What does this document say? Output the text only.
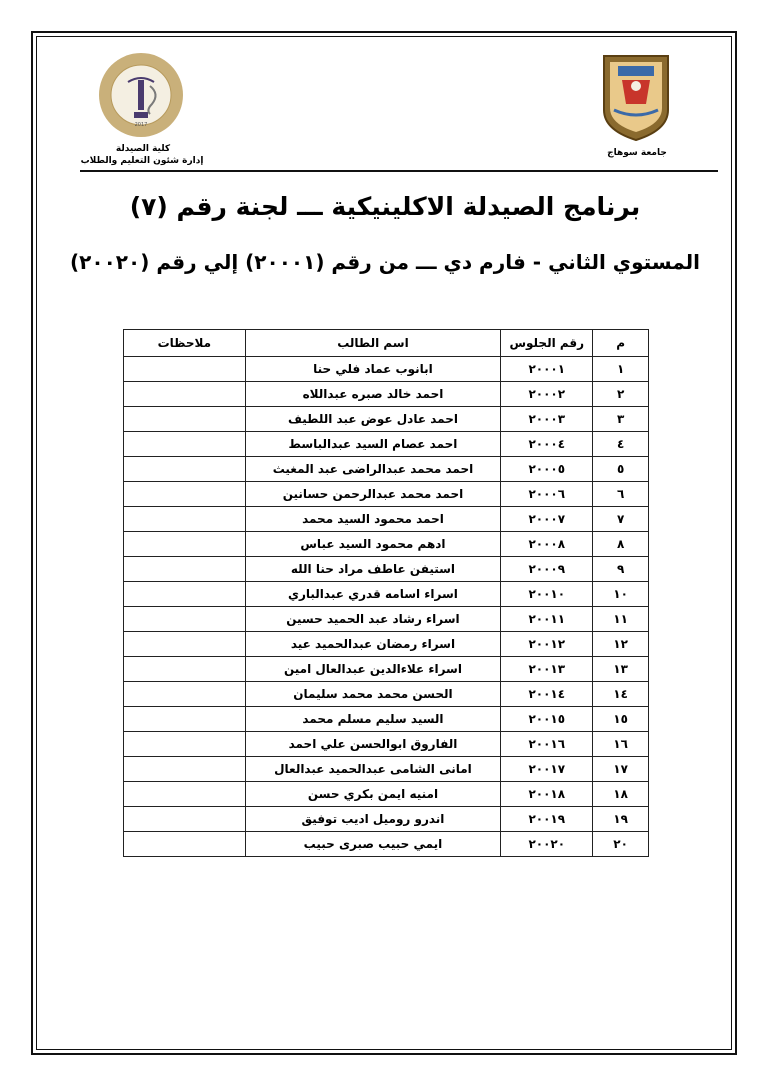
2017
كلية الصيدلة
إدارة شئون التعليم والطلاب
جامعة سوهاج
برنامج الصيدلة الاكلينيكية ـــ لجنة رقم (٧)
المستوي الثاني - فارم دي ـــ من رقم (٢٠٠٠١) إلي رقم (٢٠٠٢٠)
م	رقم الجلوس	اسم الطالب	ملاحظات
١	٢٠٠٠١	ابانوب عماد فلي حنا	
٢	٢٠٠٠٢	احمد خالد صبره عبداللاه	
٣	٢٠٠٠٣	احمد عادل عوض عبد اللطيف	
٤	٢٠٠٠٤	احمد عصام السيد عبدالباسط	
٥	٢٠٠٠٥	احمد محمد عبدالراضى عبد المغيث	
٦	٢٠٠٠٦	احمد محمد عبدالرحمن حسانين	
٧	٢٠٠٠٧	احمد محمود السيد محمد	
٨	٢٠٠٠٨	ادهم محمود السيد عباس	
٩	٢٠٠٠٩	استيفن عاطف مراد حنا الله	
١٠	٢٠٠١٠	اسراء اسامه قدري عبدالباري	
١١	٢٠٠١١	اسراء رشاد عبد الحميد حسين	
١٢	٢٠٠١٢	اسراء رمضان عبدالحميد عيد	
١٣	٢٠٠١٣	اسراء علاءالدين عبدالعال امين	
١٤	٢٠٠١٤	الحسن محمد محمد سليمان	
١٥	٢٠٠١٥	السيد سليم مسلم محمد	
١٦	٢٠٠١٦	الفاروق ابوالحسن علي احمد	
١٧	٢٠٠١٧	امانى الشامى عبدالحميد عبدالعال	
١٨	٢٠٠١٨	امنيه ايمن بكري حسن	
١٩	٢٠٠١٩	اندرو روميل اديب توفيق	
٢٠	٢٠٠٢٠	ايمي حبيب صبرى حبيب	
